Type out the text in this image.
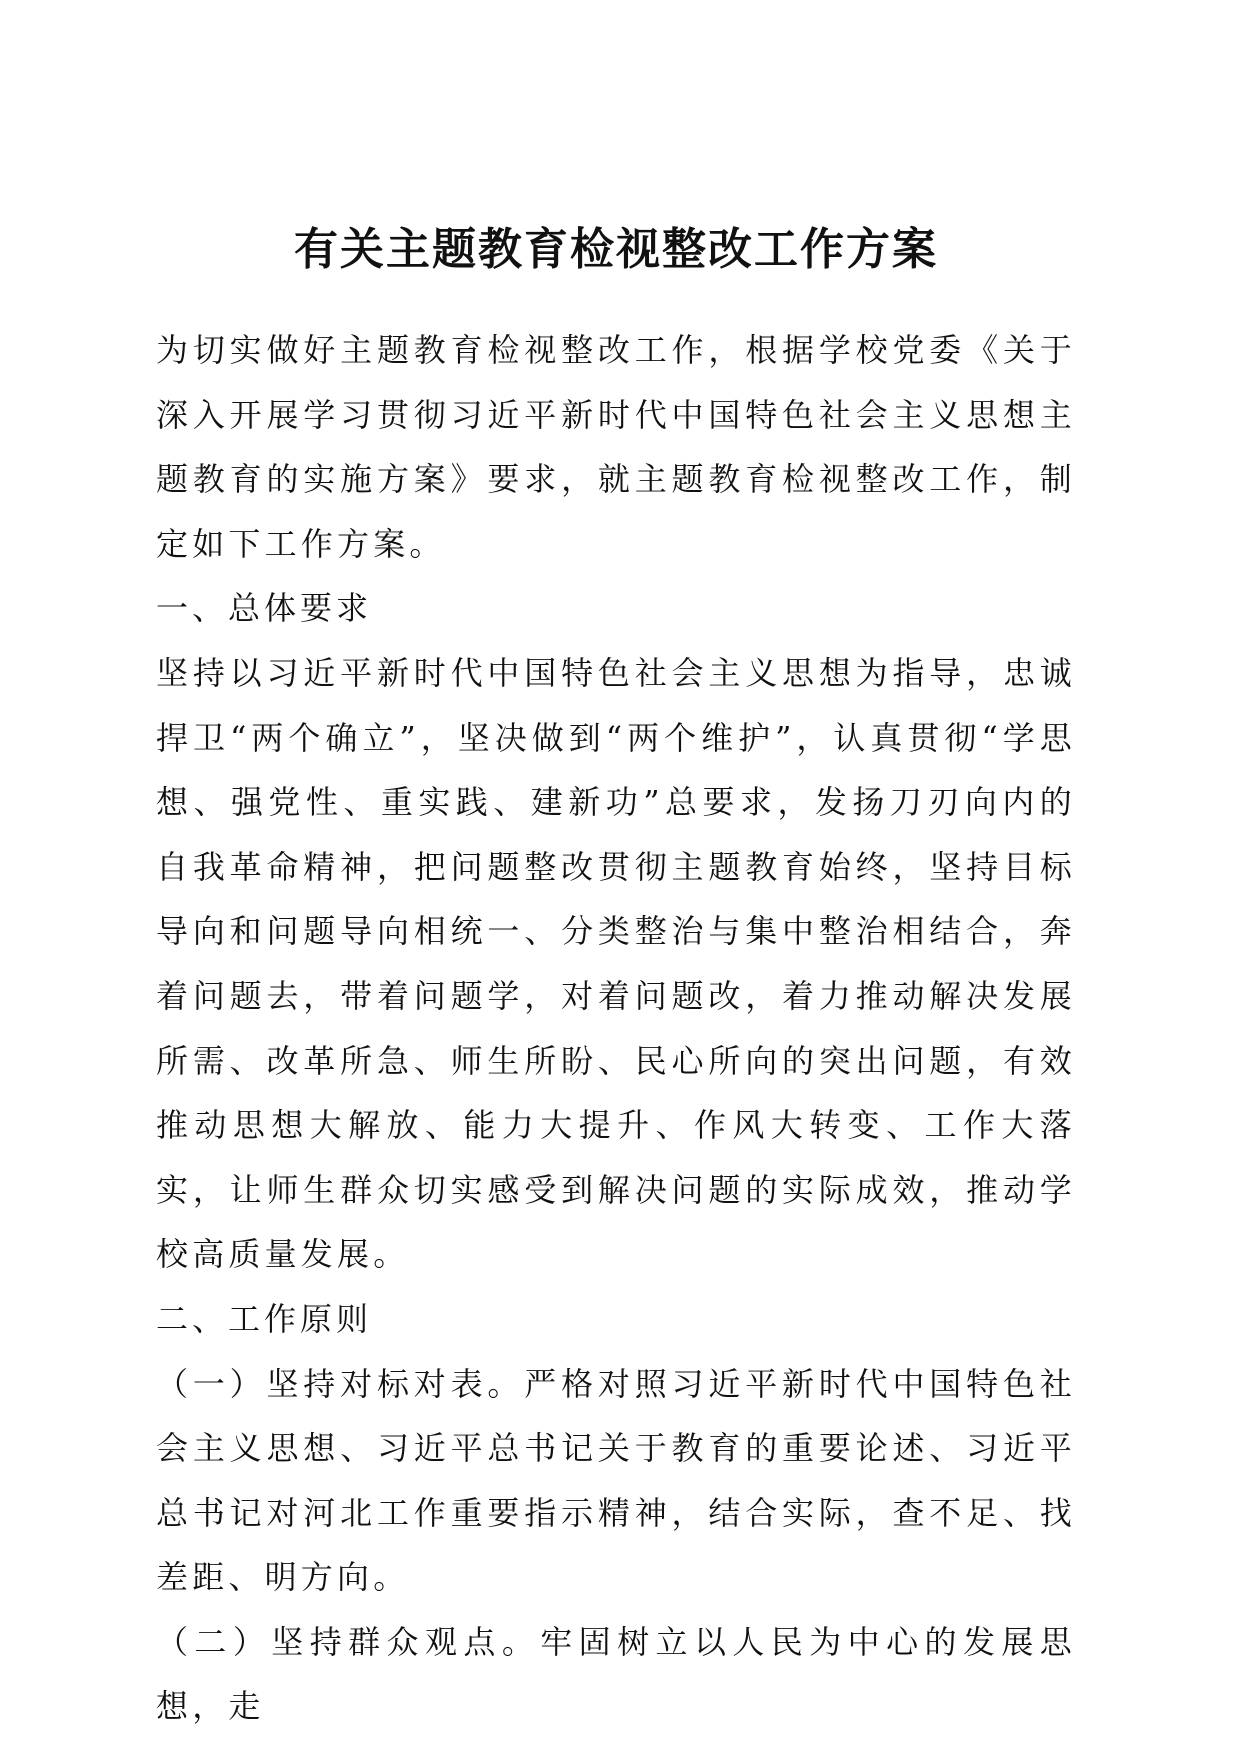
有关主题教育检视整改工作方案

为切实做好主题教育检视整改工作，根据学校党委《关于深入开展学习贯彻习近平新时代中国特色社会主义思想主题教育的实施方案》要求，就主题教育检视整改工作，制定如下工作方案。

一、总体要求

坚持以习近平新时代中国特色社会主义思想为指导，忠诚捍卫“两个确立”，坚决做到“两个维护”，认真贯彻“学思想、强党性、重实践、建新功”总要求，发扬刀刃向内的自我革命精神，把问题整改贯彻主题教育始终，坚持目标导向和问题导向相统一、分类整治与集中整治相结合，奔着问题去，带着问题学，对着问题改，着力推动解决发展所需、改革所急、师生所盼、民心所向的突出问题，有效推动思想大解放、能力大提升、作风大转变、工作大落实，让师生群众切实感受到解决问题的实际成效，推动学校高质量发展。

二、工作原则

（一）坚持对标对表。严格对照习近平新时代中国特色社会主义思想、习近平总书记关于教育的重要论述、习近平总书记对河北工作重要指示精神，结合实际，查不足、找差距、明方向。

（二）坚持群众观点。牢固树立以人民为中心的发展思想，走
